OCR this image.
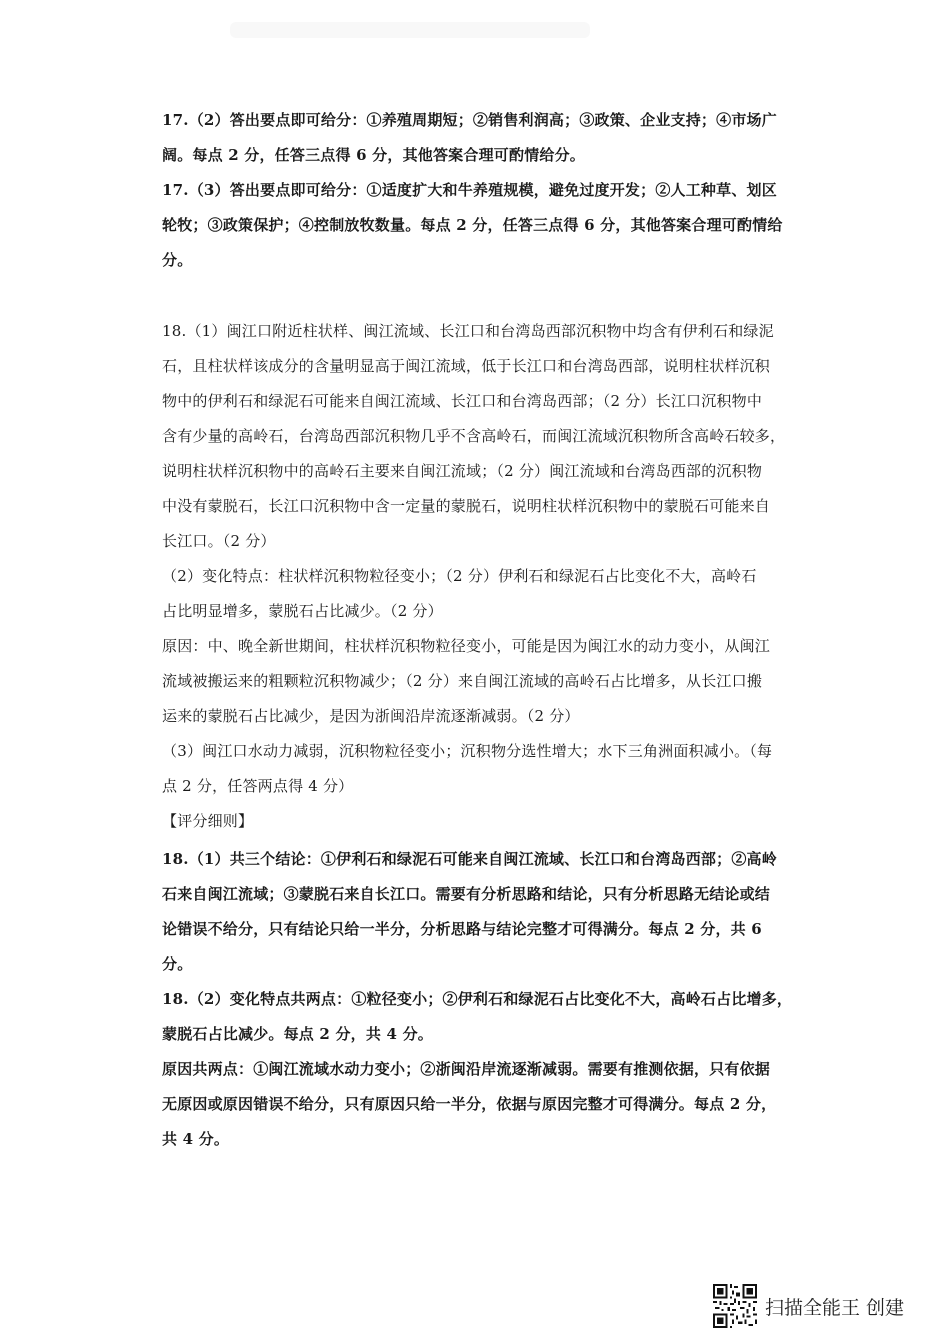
17.（2）答出要点即可给分：①养殖周期短；②销售利润高；③政策、企业支持；④市场广
阔。每点 2 分，任答三点得 6 分，其他答案合理可酌情给分。
17.（3）答出要点即可给分：①适度扩大和牛养殖规模，避免过度开发；②人工种草、划区
轮牧；③政策保护；④控制放牧数量。每点 2 分，任答三点得 6 分，其他答案合理可酌情给
分。
18.（1）闽江口附近柱状样、闽江流域、长江口和台湾岛西部沉积物中均含有伊利石和绿泥
石，且柱状样该成分的含量明显高于闽江流域，低于长江口和台湾岛西部，说明柱状样沉积
物中的伊利石和绿泥石可能来自闽江流域、长江口和台湾岛西部；（2 分）长江口沉积物中
含有少量的高岭石，台湾岛西部沉积物几乎不含高岭石，而闽江流域沉积物所含高岭石较多，
说明柱状样沉积物中的高岭石主要来自闽江流域；（2 分）闽江流域和台湾岛西部的沉积物
中没有蒙脱石，长江口沉积物中含一定量的蒙脱石，说明柱状样沉积物中的蒙脱石可能来自
长江口。（2 分）
（2）变化特点：柱状样沉积物粒径变小；（2 分）伊利石和绿泥石占比变化不大，高岭石
占比明显增多，蒙脱石占比减少。（2 分）
原因：中、晚全新世期间，柱状样沉积物粒径变小，可能是因为闽江水的动力变小，从闽江
流域被搬运来的粗颗粒沉积物减少；（2 分）来自闽江流域的高岭石占比增多，从长江口搬
运来的蒙脱石占比减少，是因为浙闽沿岸流逐渐减弱。（2 分）
（3）闽江口水动力减弱，沉积物粒径变小；沉积物分选性增大；水下三角洲面积减小。（每
点 2 分，任答两点得 4 分）
【评分细则】
18.（1）共三个结论：①伊利石和绿泥石可能来自闽江流域、长江口和台湾岛西部；②高岭
石来自闽江流域；③蒙脱石来自长江口。需要有分析思路和结论，只有分析思路无结论或结
论错误不给分，只有结论只给一半分，分析思路与结论完整才可得满分。每点 2 分，共 6
分。
18.（2）变化特点共两点：①粒径变小；②伊利石和绿泥石占比变化不大，高岭石占比增多，
蒙脱石占比减少。每点 2 分，共 4 分。
原因共两点：①闽江流域水动力变小；②浙闽沿岸流逐渐减弱。需要有推测依据，只有依据
无原因或原因错误不给分，只有原因只给一半分，依据与原因完整才可得满分。每点 2 分，
共 4 分。
扫描全能王 创建
